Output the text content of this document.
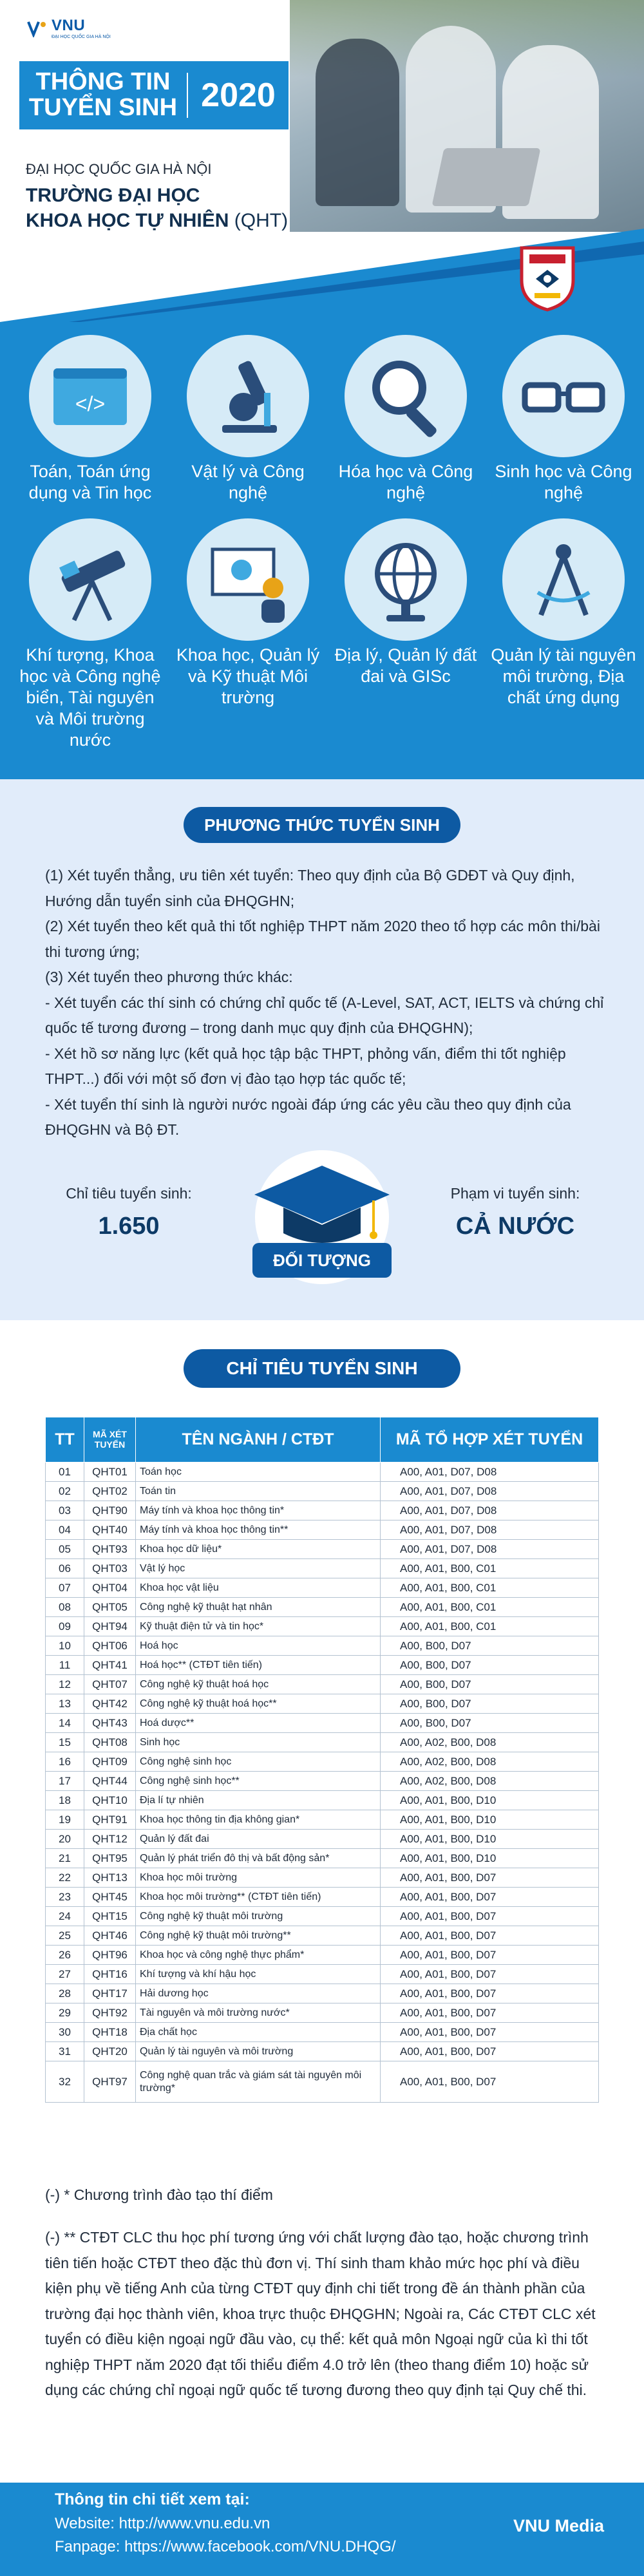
VNU
ĐẠI HỌC QUỐC GIA HÀ NỘI
THÔNG TIN
TUYỂN SINH 2020
ĐẠI HỌC QUỐC GIA HÀ NỘI
TRƯỜNG ĐẠI HỌC
KHOA HỌC TỰ NHIÊN (QHT)
</>
Toán, Toán ứng dụng và Tin học
Vật lý và Công nghệ
Hóa học và Công nghệ
Sinh học và Công nghệ
Khí tượng, Khoa học và Công nghệ biển, Tài nguyên và Môi trường nước
Khoa học, Quản lý và Kỹ thuật Môi trường
Địa lý, Quản lý đất đai và GISc
Quản lý tài nguyên môi trường, Địa chất ứng dụng
PHƯƠNG THỨC TUYỂN SINH

(1) Xét tuyển thẳng, ưu tiên xét tuyển: Theo quy định của Bộ GDĐT và Quy định, Hướng dẫn tuyển sinh của ĐHQGHN;

(2) Xét tuyển theo kết quả thi tốt nghiệp THPT năm 2020 theo tổ hợp các môn thi/bài thi tương ứng;

(3) Xét tuyển theo phương thức khác:

- Xét tuyển các thí sinh có chứng chỉ quốc tế (A-Level, SAT, ACT, IELTS và chứng chỉ quốc tế tương đương – trong danh mục quy định của ĐHQGHN);

- Xét hồ sơ năng lực (kết quả học tập bậc THPT, phỏng vấn, điểm thi tốt nghiệp THPT...) đối với một số đơn vị đào tạo hợp tác quốc tế;

- Xét tuyển thí sinh là người nước ngoài đáp ứng các yêu cầu theo quy định của ĐHQGHN và Bộ ĐT.

Chỉ tiêu tuyển sinh:
1.650
ĐỐI TƯỢNG
Phạm vi tuyển sinh:
CẢ NƯỚC
CHỈ TIÊU TUYỂN SINH
TT	MÃ XÉT TUYỂN	TÊN NGÀNH / CTĐT	MÃ TỔ HỢP XÉT TUYỂN
01	QHT01	Toán học	A00, A01, D07, D08
02	QHT02	Toán tin	A00, A01, D07, D08
03	QHT90	Máy tính và khoa học thông tin*	A00, A01, D07, D08
04	QHT40	Máy tính và khoa học thông tin**	A00, A01, D07, D08
05	QHT93	Khoa học dữ liệu*	A00, A01, D07, D08
06	QHT03	Vật lý học	A00, A01, B00, C01
07	QHT04	Khoa học vật liệu	A00, A01, B00, C01
08	QHT05	Công nghệ kỹ thuật hạt nhân	A00, A01, B00, C01
09	QHT94	Kỹ thuật điện tử và tin học*	A00, A01, B00, C01
10	QHT06	Hoá học	A00, B00, D07
11	QHT41	Hoá học** (CTĐT tiên tiến)	A00, B00, D07
12	QHT07	Công nghệ kỹ thuật hoá học	A00, B00, D07
13	QHT42	Công nghệ kỹ thuật hoá học**	A00, B00, D07
14	QHT43	Hoá dược**	A00, B00, D07
15	QHT08	Sinh học	A00, A02, B00, D08
16	QHT09	Công nghệ sinh học	A00, A02, B00, D08
17	QHT44	Công nghệ sinh học**	A00, A02, B00, D08
18	QHT10	Địa lí tự nhiên	A00, A01, B00, D10
19	QHT91	Khoa học thông tin địa không gian*	A00, A01, B00, D10
20	QHT12	Quản lý đất đai	A00, A01, B00, D10
21	QHT95	Quản lý phát triển đô thị và bất động sản*	A00, A01, B00, D10
22	QHT13	Khoa học môi trường	A00, A01, B00, D07
23	QHT45	Khoa học môi trường** (CTĐT tiên tiến)	A00, A01, B00, D07
24	QHT15	Công nghệ kỹ thuật môi trường	A00, A01, B00, D07
25	QHT46	Công nghệ kỹ thuật môi trường**	A00, A01, B00, D07
26	QHT96	Khoa học và công nghệ thực phẩm*	A00, A01, B00, D07
27	QHT16	Khí tượng và khí hậu học	A00, A01, B00, D07
28	QHT17	Hải dương học	A00, A01, B00, D07
29	QHT92	Tài nguyên và môi trường nước*	A00, A01, B00, D07
30	QHT18	Địa chất học	A00, A01, B00, D07
31	QHT20	Quản lý tài nguyên và môi trường	A00, A01, B00, D07
32	QHT97	Công nghệ quan trắc và giám sát tài nguyên môi trường*	A00, A01, B00, D07
(-) * Chương trình đào tạo thí điểm
(-) ** CTĐT CLC thu học phí tương ứng với chất lượng đào tạo, hoặc chương trình tiên tiến hoặc CTĐT theo đặc thù đơn vị. Thí sinh tham khảo mức học phí và điều kiện phụ về tiếng Anh của từng CTĐT quy định chi tiết trong đề án thành phần của trường đại học thành viên, khoa trực thuộc ĐHQGHN; Ngoài ra, Các CTĐT CLC xét tuyển có điều kiện ngoại ngữ đầu vào, cụ thể: kết quả môn Ngoại ngữ của kì thi tốt nghiệp THPT năm 2020 đạt tối thiểu điểm 4.0 trở lên (theo thang điểm 10) hoặc sử dụng các chứng chỉ ngoại ngữ quốc tế tương đương theo quy định tại Quy chế thi.
Thông tin chi tiết xem tại:
Website: http://www.vnu.edu.vn
Fanpage: https://www.facebook.com/VNU.DHQG/
VNU Media
